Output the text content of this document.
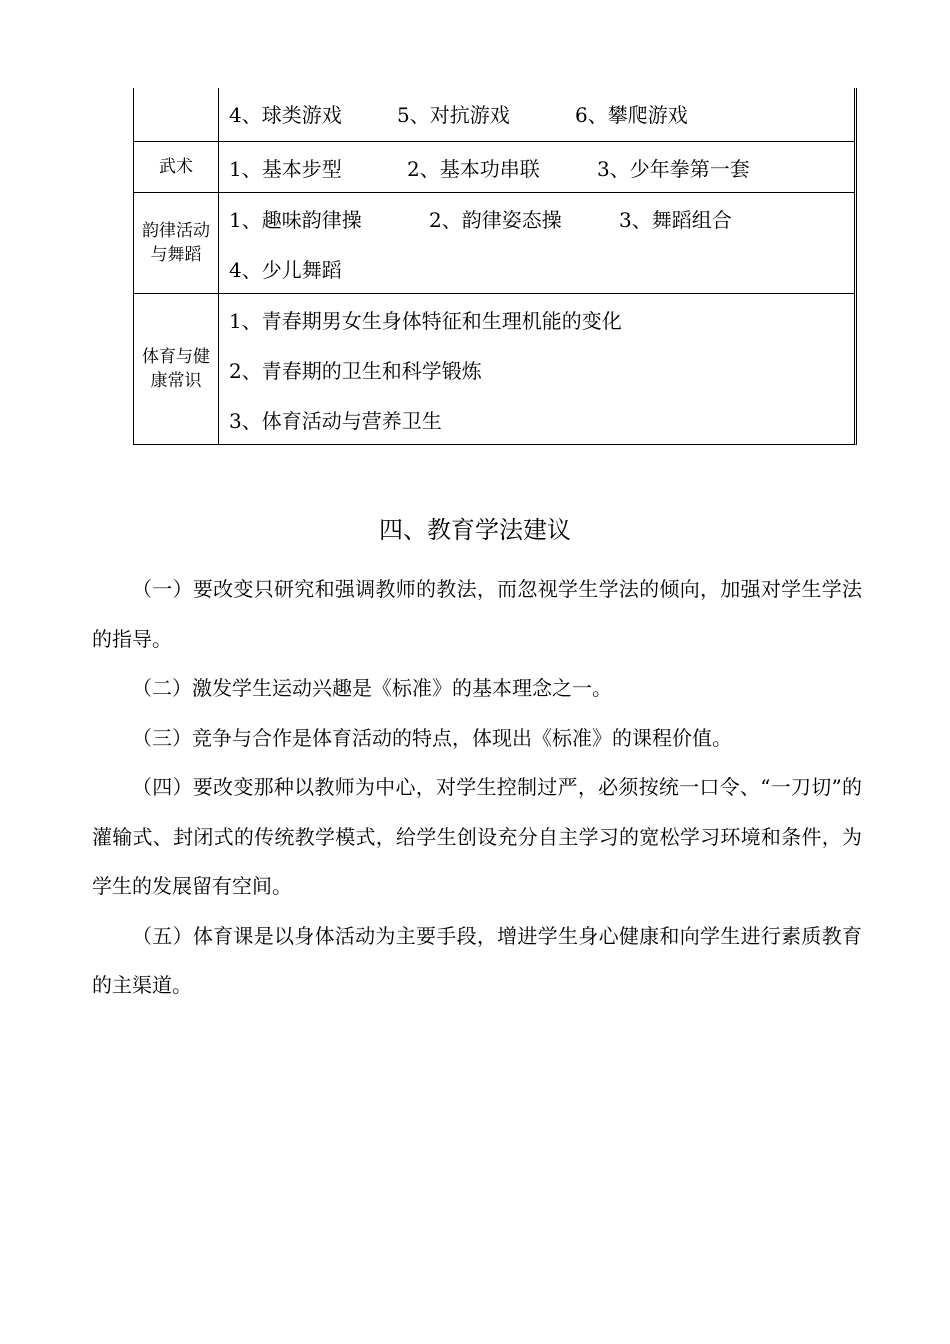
4、球类游戏	5、对抗游戏	6、攀爬游戏
武术 1、基本步型	2、基本功串联	3、少年拳第一套
韵律活动与舞蹈
1、趣味韵律操	2、韵律姿态操	3、舞蹈组合
4、少儿舞蹈
体育与健康常识
1、青春期男女生身体特征和生理机能的变化
2、青春期的卫生和科学锻炼
3、体育活动与营养卫生
四、教育学法建议

（一）要改变只研究和强调教师的教法，而忽视学生学法的倾向，加强对学生学法的指导。

（二）激发学生运动兴趣是《标准》的基本理念之一。

（三）竞争与合作是体育活动的特点，体现出《标准》的课程价值。

（四）要改变那种以教师为中心，对学生控制过严，必须按统一口令、“一刀切”的灌输式、封闭式的传统教学模式，给学生创设充分自主学习的宽松学习环境和条件，为学生的发展留有空间。

（五）体育课是以身体活动为主要手段，增进学生身心健康和向学生进行素质教育的主渠道。
